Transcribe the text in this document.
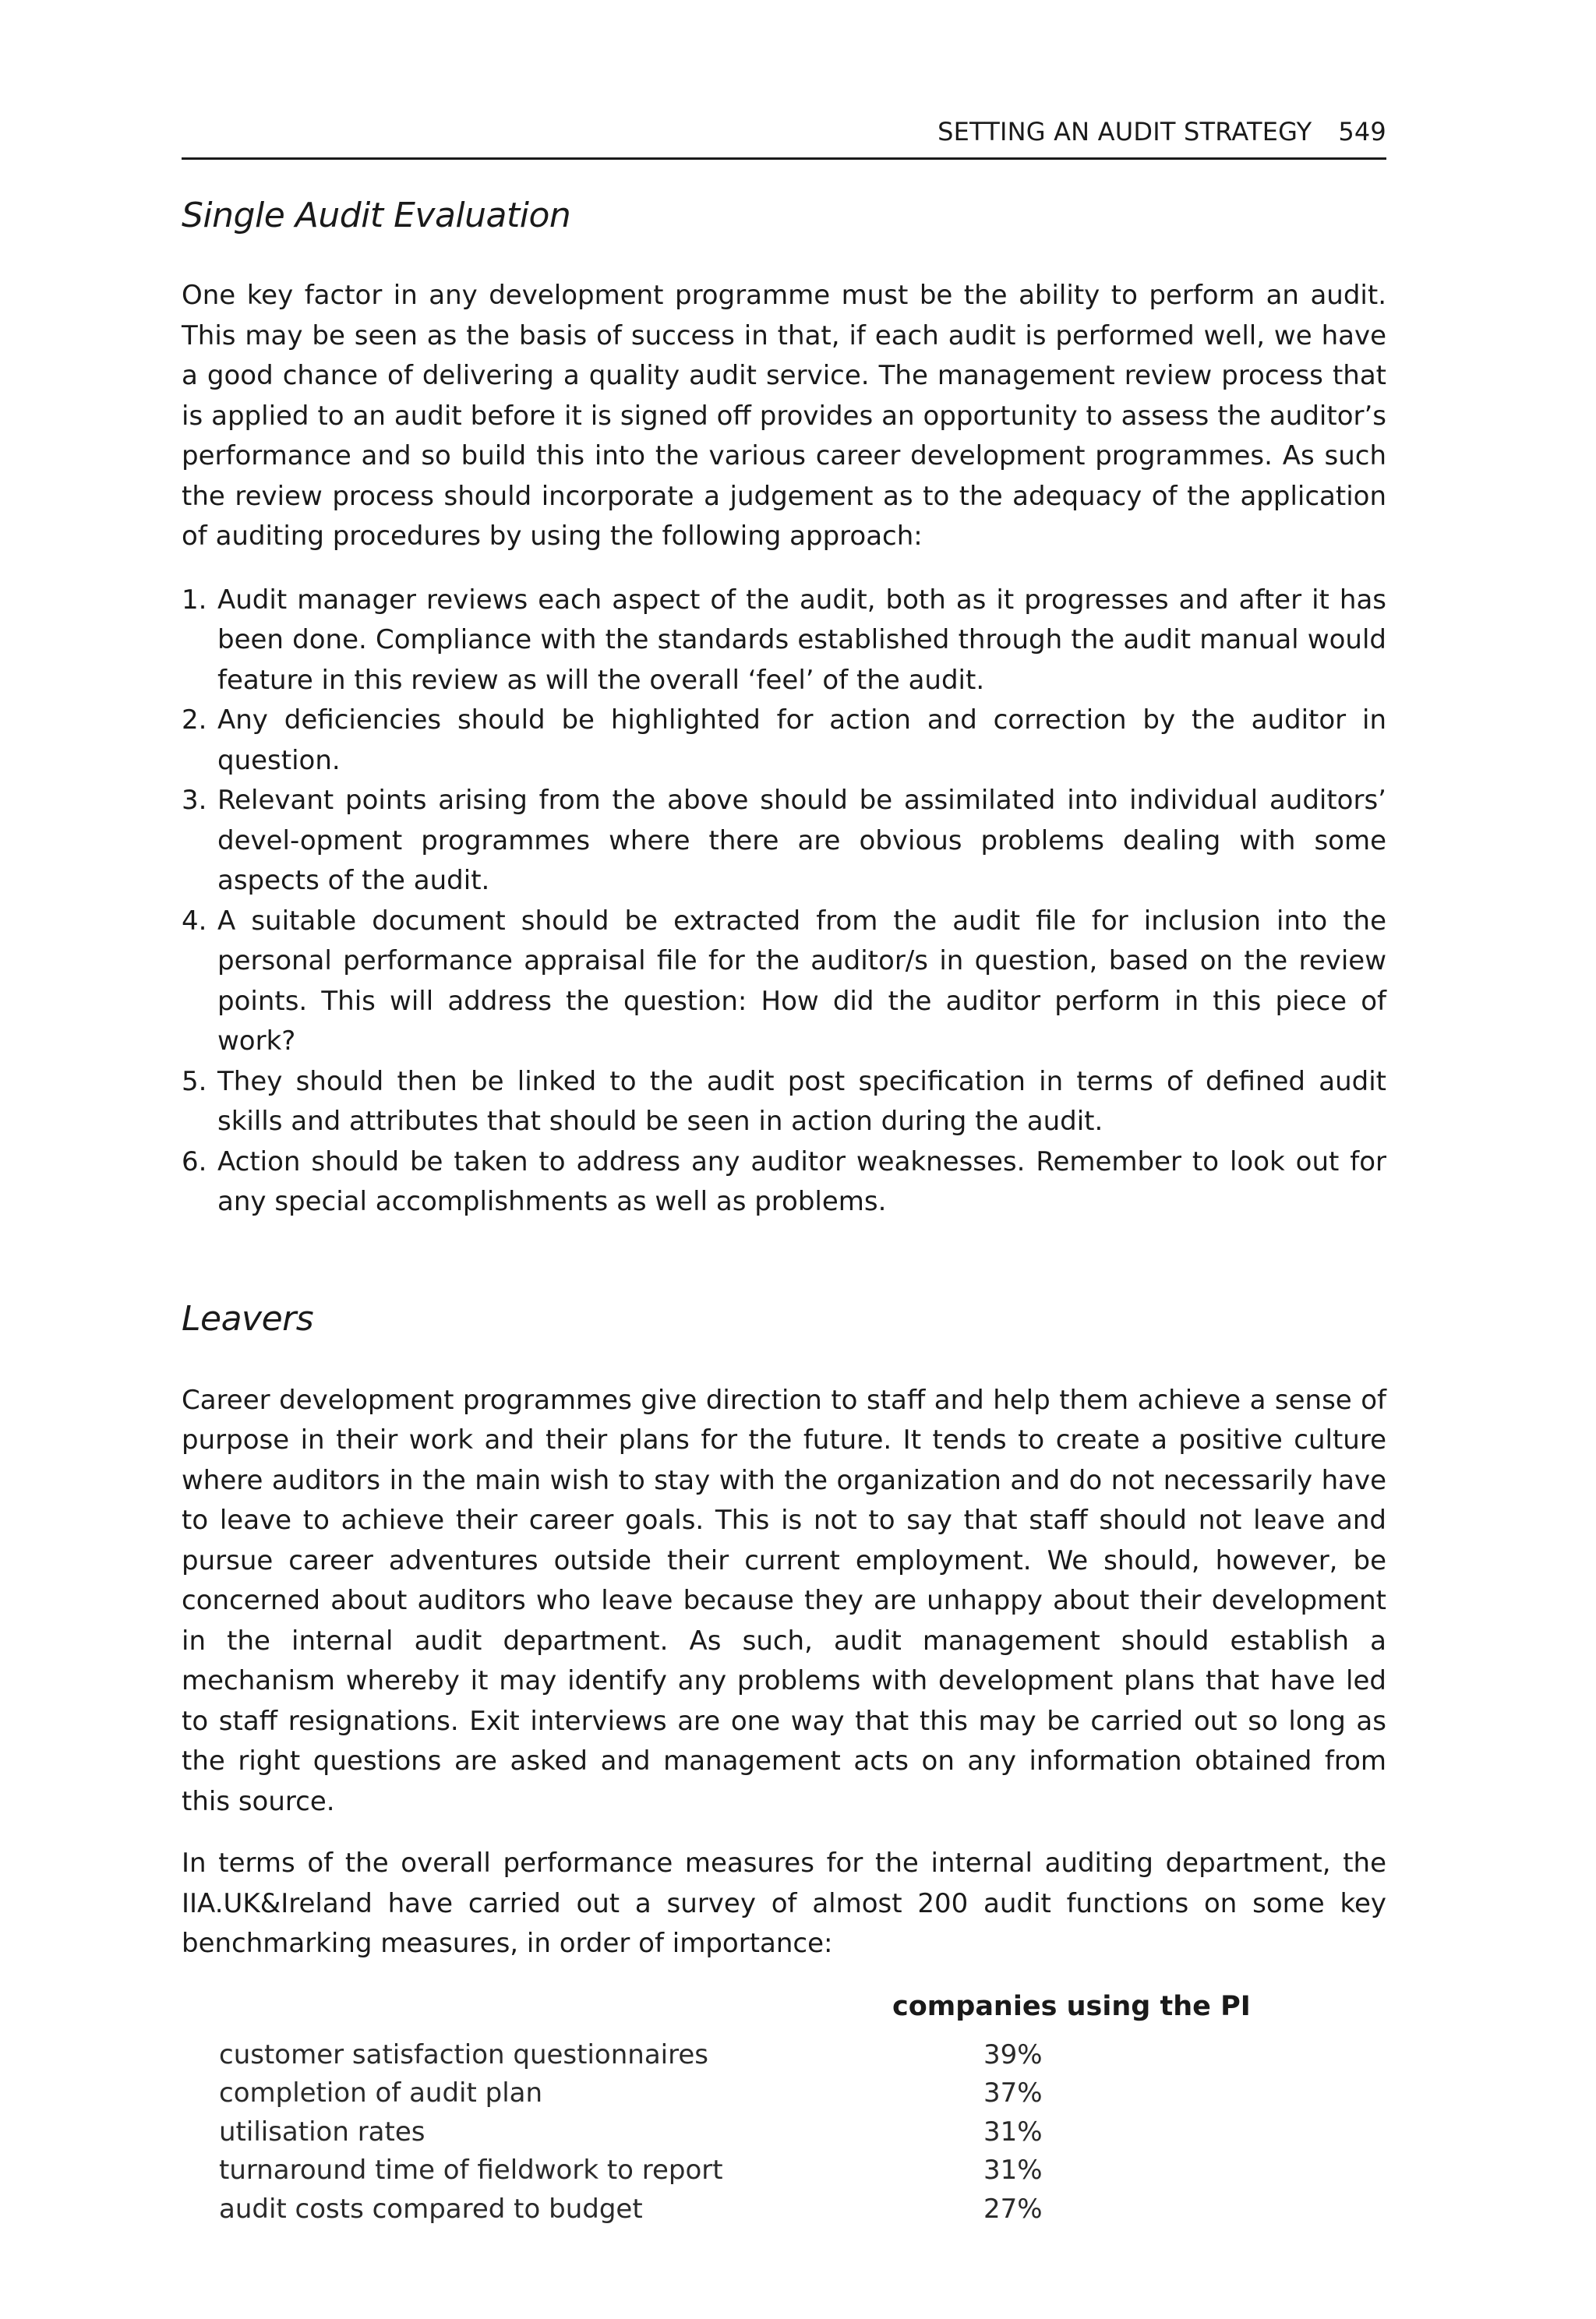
SETTING AN AUDIT STRATEGY 549
Single Audit Evaluation

One key factor in any development programme must be the ability to perform an audit. This may be seen as the basis of success in that, if each audit is performed well, we have a good chance of delivering a quality audit service. The management review process that is applied to an audit before it is signed off provides an opportunity to assess the auditor’s performance and so build this into the various career development programmes. As such the review process should incorporate a judgement as to the adequacy of the application of auditing procedures by using the following approach:

1. Audit manager reviews each aspect of the audit, both as it progresses and after it has been done. Compliance with the standards established through the audit manual would feature in this review as will the overall ‘feel’ of the audit.
2. Any deficiencies should be highlighted for action and correction by the auditor in question.
3. Relevant points arising from the above should be assimilated into individual auditors’ devel-opment programmes where there are obvious problems dealing with some aspects of the audit.
4. A suitable document should be extracted from the audit file for inclusion into the personal performance appraisal file for the auditor/s in question, based on the review points. This will address the question: How did the auditor perform in this piece of work?
5. They should then be linked to the audit post specification in terms of defined audit skills and attributes that should be seen in action during the audit.
6. Action should be taken to address any auditor weaknesses. Remember to look out for any special accomplishments as well as problems.
Leavers

Career development programmes give direction to staff and help them achieve a sense of purpose in their work and their plans for the future. It tends to create a positive culture where auditors in the main wish to stay with the organization and do not necessarily have to leave to achieve their career goals. This is not to say that staff should not leave and pursue career adventures outside their current employment. We should, however, be concerned about auditors who leave because they are unhappy about their development in the internal audit department. As such, audit management should establish a mechanism whereby it may identify any problems with development plans that have led to staff resignations. Exit interviews are one way that this may be carried out so long as the right questions are asked and management acts on any information obtained from this source.

In terms of the overall performance measures for the internal auditing department, the IIA.UK&Ireland have carried out a survey of almost 200 audit functions on some key benchmarking measures, in order of importance:

	companies using the PI
customer satisfaction questionnaires	39%
completion of audit plan	37%
utilisation rates	31%
turnaround time of fieldwork to report	31%
audit costs compared to budget	27%
